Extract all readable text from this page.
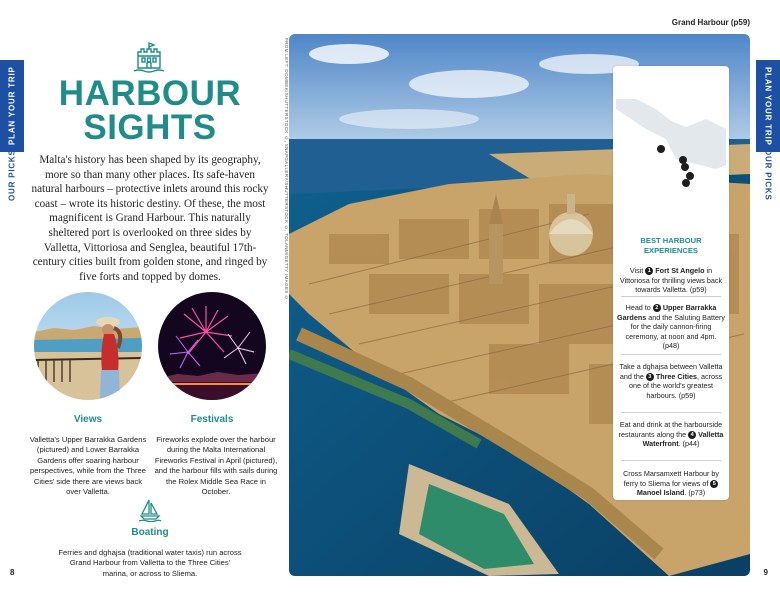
PLAN YOUR TRIP
OUR PICKS
PLAN YOUR TRIP
OUR PICKS
HARBOUR
SIGHTS

Malta's history has been shaped by its geography, more so than many other places. Its safe-haven natural harbours – protective inlets around this rocky coast – wrote its historic destiny. Of these, the most magnificent is Grand Harbour. This naturally sheltered port is overlooked on three sides by Valletta, Vittoriosa and Senglea, beautiful 17th-century cities built from golden stone, and ringed by five forts and topped by domes.

Views

Valletta's Upper Barrakka Gardens (pictured) and Lower Barrakka Gardens offer soaring harbour perspectives, while from the Three Cities' side there are views back over Valletta.

Festivals

Fireworks explode over the harbour during the Malta International Fireworks Festival in April (pictured), and the harbour fills with sails during the Rolex Middle Sea Race in October.

Boating

Ferries and dghajsa (traditional water taxis) run across Grand Harbour from Valletta to the Three Cities' marina, or across to Sliema.

8
Grand Harbour (p59)
FROM LEFT: DOMBEK/SHUTTERSTOCK ©, SNAPGALLERY/SHUTTERSTOCK ©, TOLANM/GETTY IMAGES ©	BEST HARBOUR
EXPERIENCES
Visit 1 Fort St Angelo in Vittoriosa for thrilling views back towards Valletta. (p59)
Head to 2 Upper Barrakka Gardens and the Saluting Battery for the daily cannon-firing ceremony, at noon and 4pm. (p48)
Take a dghajsa between Valletta and the 3 Three Cities, across one of the world's greatest harbours. (p59)
Eat and drink at the harbourside restaurants along the 4 Valletta Waterfront. (p44)
Cross Marsamxett Harbour by ferry to Sliema for views of 5 Manoel Island. (p73)
9
